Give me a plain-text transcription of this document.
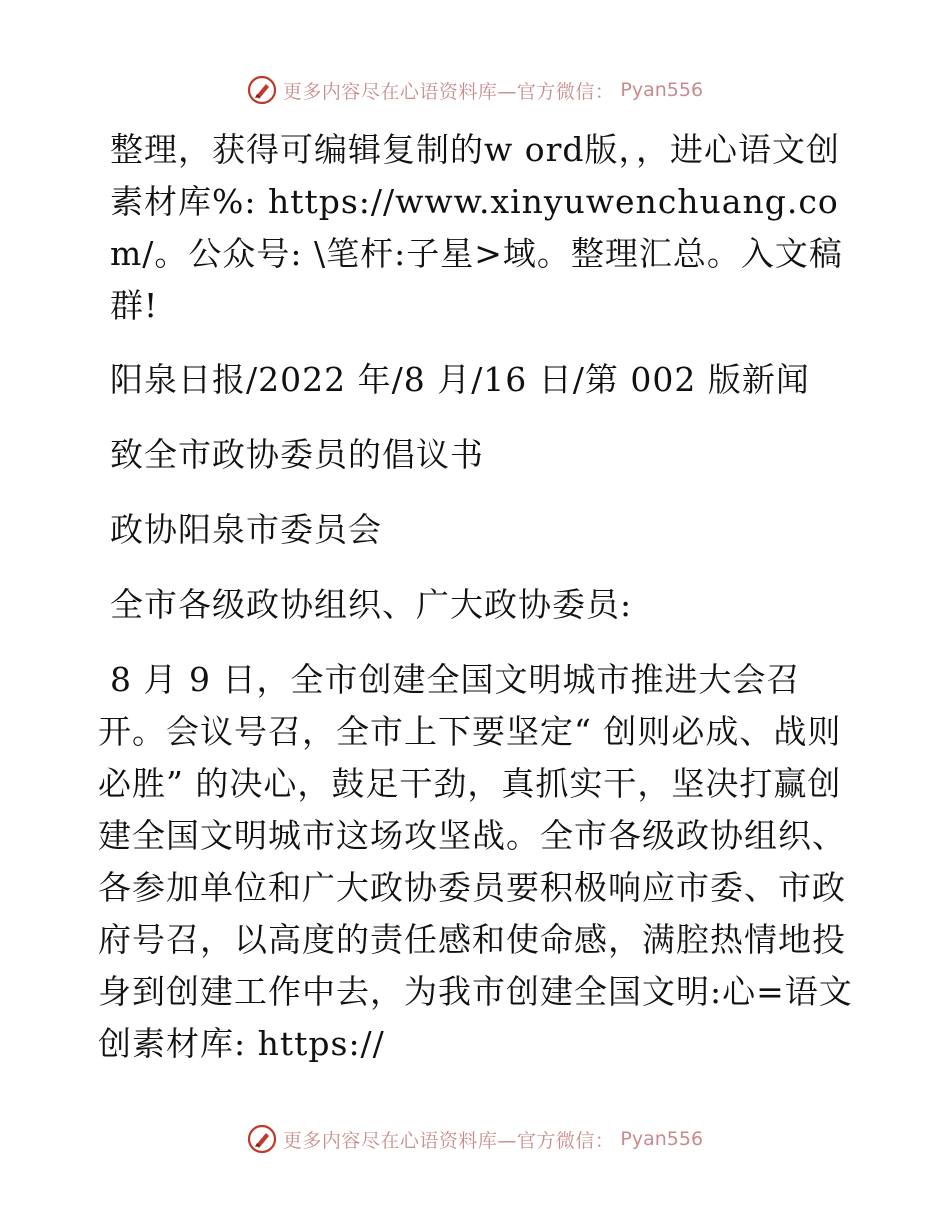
更多内容尽在心语资料库—官方微信： Pyan556

整理，获得可编辑复制的w ord版，，进心语文创素材库%: https://www.xinyuwenchuang.com/。公众号: \笔杆:子星>域。整理汇总。入文稿群!

阳泉日报/2022 年/8 月/16 日/第 002 版新闻

致全市政协委员的倡议书

政协阳泉市委员会

全市各级政协组织、广大政协委员:

8 月 9 日，全市创建全国文明城市推进大会召开。会议号召，全市上下要坚定“ 创则必成、战则必胜” 的决心，鼓足干劲，真抓实干，坚决打赢创建全国文明城市这场攻坚战。全市各级政协组织、各参加单位和广大政协委员要积极响应市委、市政府号召，以高度的责任感和使命感，满腔热情地投身到创建工作中去，为我市创建全国文明:心=语文创素材库: https://

更多内容尽在心语资料库—官方微信： Pyan556
